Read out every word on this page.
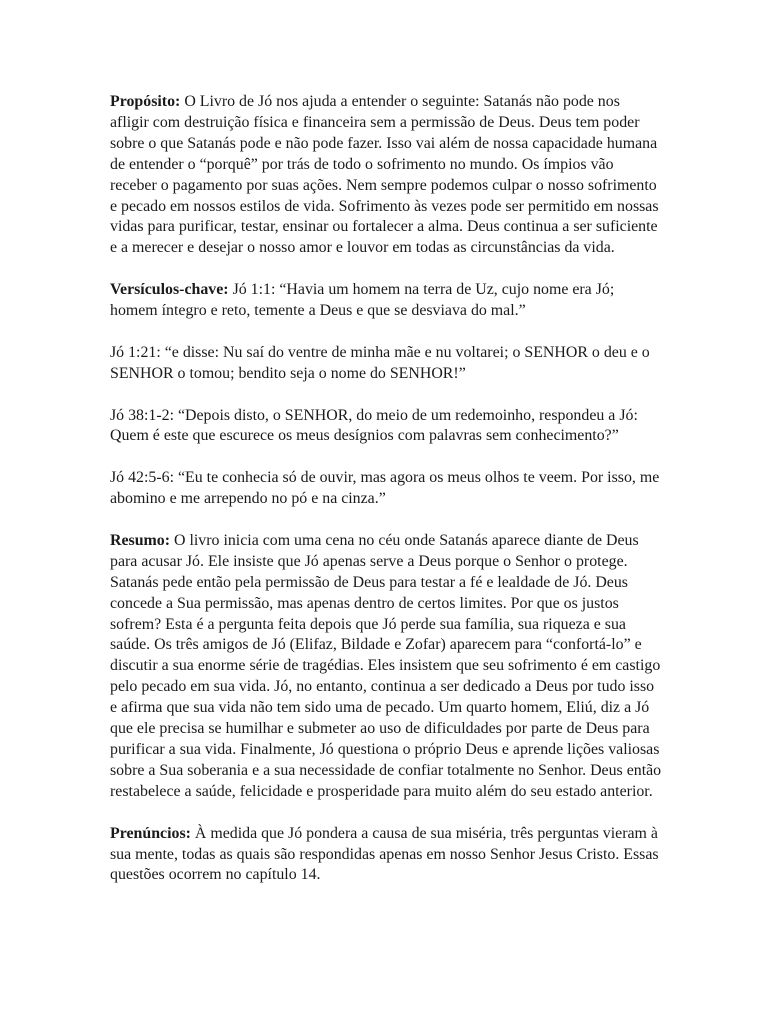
Propósito: O Livro de Jó nos ajuda a entender o seguinte: Satanás não pode nos afligir com destruição física e financeira sem a permissão de Deus. Deus tem poder sobre o que Satanás pode e não pode fazer. Isso vai além de nossa capacidade humana de entender o “porquê” por trás de todo o sofrimento no mundo. Os ímpios vão receber o pagamento por suas ações. Nem sempre podemos culpar o nosso sofrimento e pecado em nossos estilos de vida. Sofrimento às vezes pode ser permitido em nossas vidas para purificar, testar, ensinar ou fortalecer a alma. Deus continua a ser suficiente e a merecer e desejar o nosso amor e louvor em todas as circunstâncias da vida.

Versículos-chave: Jó 1:1: “Havia um homem na terra de Uz, cujo nome era Jó; homem íntegro e reto, temente a Deus e que se desviava do mal.”

Jó 1:21: “e disse: Nu saí do ventre de minha mãe e nu voltarei; o SENHOR o deu e o SENHOR o tomou; bendito seja o nome do SENHOR!”

Jó 38:1-2: “Depois disto, o SENHOR, do meio de um redemoinho, respondeu a Jó: Quem é este que escurece os meus desígnios com palavras sem conhecimento?”

Jó 42:5-6: “Eu te conhecia só de ouvir, mas agora os meus olhos te veem. Por isso, me abomino e me arrependo no pó e na cinza.”

Resumo: O livro inicia com uma cena no céu onde Satanás aparece diante de Deus para acusar Jó. Ele insiste que Jó apenas serve a Deus porque o Senhor o protege. Satanás pede então pela permissão de Deus para testar a fé e lealdade de Jó. Deus concede a Sua permissão, mas apenas dentro de certos limites. Por que os justos sofrem? Esta é a pergunta feita depois que Jó perde sua família, sua riqueza e sua saúde. Os três amigos de Jó (Elifaz, Bildade e Zofar) aparecem para “confortá-lo” e discutir a sua enorme série de tragédias. Eles insistem que seu sofrimento é em castigo pelo pecado em sua vida. Jó, no entanto, continua a ser dedicado a Deus por tudo isso e afirma que sua vida não tem sido uma de pecado. Um quarto homem, Eliú, diz a Jó que ele precisa se humilhar e submeter ao uso de dificuldades por parte de Deus para purificar a sua vida. Finalmente, Jó questiona o próprio Deus e aprende lições valiosas sobre a Sua soberania e a sua necessidade de confiar totalmente no Senhor. Deus então restabelece a saúde, felicidade e prosperidade para muito além do seu estado anterior.

Prenúncios: À medida que Jó pondera a causa de sua miséria, três perguntas vieram à sua mente, todas as quais são respondidas apenas em nosso Senhor Jesus Cristo. Essas questões ocorrem no capítulo 14.
